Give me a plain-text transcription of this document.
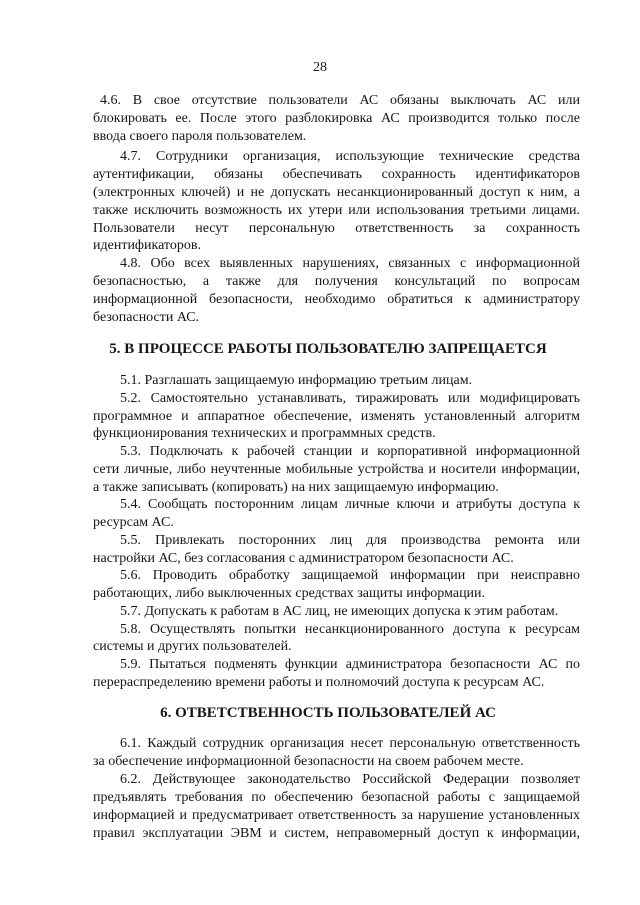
28
4.6. В свое отсутствие пользователи АС обязаны выключать АС или
блокировать ее. После этого разблокировка АС производится только после
ввода своего пароля пользователем.
4.7. Сотрудники организация, использующие технические средства
аутентификации, обязаны обеспечивать сохранность идентификаторов
(электронных ключей) и не допускать несанкционированный доступ к ним, а
также исключить возможность их утери или использования третьими лицами.
Пользователи несут персональную ответственность за сохранность
идентификаторов.
4.8. Обо всех выявленных нарушениях, связанных с информационной
безопасностью, а также для получения консультаций по вопросам
информационной безопасности, необходимо обратиться к администратору
безопасности АС.
5. В ПРОЦЕССЕ РАБОТЫ ПОЛЬЗОВАТЕЛЮ ЗАПРЕЩАЕТСЯ
5.1. Разглашать защищаемую информацию третьим лицам.
5.2. Самостоятельно устанавливать, тиражировать или модифицировать
программное и аппаратное обеспечение, изменять установленный алгоритм
функционирования технических и программных средств.
5.3. Подключать к рабочей станции и корпоративной информационной
сети личные, либо неучтенные мобильные устройства и носители информации,
а также записывать (копировать) на них защищаемую информацию.
5.4. Сообщать посторонним лицам личные ключи и атрибуты доступа к
ресурсам АС.
5.5. Привлекать посторонних лиц для производства ремонта или
настройки АС, без согласования с администратором безопасности АС.
5.6. Проводить обработку защищаемой информации при неисправно
работающих, либо выключенных средствах защиты информации.
5.7. Допускать к работам в АС лиц, не имеющих допуска к этим работам.
5.8. Осуществлять попытки несанкционированного доступа к ресурсам
системы и других пользователей.
5.9. Пытаться подменять функции администратора безопасности АС по
перераспределению времени работы и полномочий доступа к ресурсам АС.
6. ОТВЕТСТВЕННОСТЬ ПОЛЬЗОВАТЕЛЕЙ АС
6.1. Каждый сотрудник организация несет персональную ответственность
за обеспечение информационной безопасности на своем рабочем месте.
6.2. Действующее законодательство Российской Федерации позволяет
предъявлять требования по обеспечению безопасной работы с защищаемой
информацией и предусматривает ответственность за нарушение установленных
правил эксплуатации ЭВМ и систем, неправомерный доступ к информации,
